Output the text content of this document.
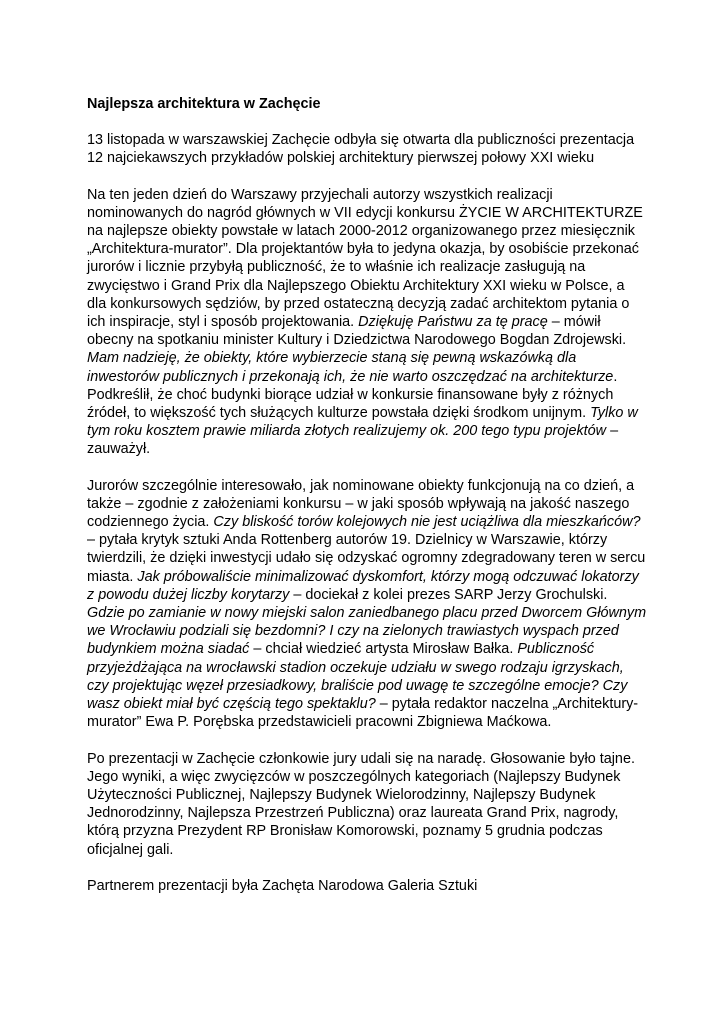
Najlepsza architektura w Zachęcie

13 listopada w warszawskiej Zachęcie odbyła się otwarta dla publiczności prezentacja 12 najciekawszych przykładów polskiej architektury pierwszej połowy XXI wieku

Na ten jeden dzień do Warszawy przyjechali autorzy wszystkich realizacji nominowanych do nagród głównych w VII edycji konkursu ŻYCIE W ARCHITEKTURZE na najlepsze obiekty powstałe w latach 2000-2012 organizowanego przez miesięcznik „Architektura-murator”. Dla projektantów była to jedyna okazja, by osobiście przekonać jurorów i licznie przybyłą publiczność, że to właśnie ich realizacje zasługują na zwycięstwo i Grand Prix dla Najlepszego Obiektu Architektury XXI wieku w Polsce, a dla konkursowych sędziów, by przed ostateczną decyzją zadać architektom pytania o ich inspiracje, styl i sposób projektowania. Dziękuję Państwu za tę pracę – mówił obecny na spotkaniu minister Kultury i Dziedzictwa Narodowego Bogdan Zdrojewski. Mam nadzieję, że obiekty, które wybierzecie staną się pewną wskazówką dla inwestorów publicznych i przekonają ich, że nie warto oszczędzać na architekturze. Podkreślił, że choć budynki biorące udział w konkursie finansowane były z różnych źródeł, to większość tych służących kulturze powstała dzięki środkom unijnym. Tylko w tym roku kosztem prawie miliarda złotych realizujemy ok. 200 tego typu projektów – zauważył.

Jurorów szczególnie interesowało, jak nominowane obiekty funkcjonują na co dzień, a także – zgodnie z założeniami konkursu – w jaki sposób wpływają na jakość naszego codziennego życia. Czy bliskość torów kolejowych nie jest uciążliwa dla mieszkańców? – pytała krytyk sztuki Anda Rottenberg autorów 19. Dzielnicy w Warszawie, którzy twierdzili, że dzięki inwestycji udało się odzyskać ogromny zdegradowany teren w sercu miasta. Jak próbowaliście minimalizować dyskomfort, którzy mogą odczuwać lokatorzy z powodu dużej liczby korytarzy – dociekał z kolei prezes SARP Jerzy Grochulski. Gdzie po zamianie w nowy miejski salon zaniedbanego placu przed Dworcem Głównym we Wrocławiu podziali się bezdomni? I czy na zielonych trawiastych wyspach przed budynkiem można siadać – chciał wiedzieć artysta Mirosław Bałka. Publiczność przyjeżdżająca na wrocławski stadion oczekuje udziału w swego rodzaju igrzyskach, czy projektując węzeł przesiadkowy, braliście pod uwagę te szczególne emocje? Czy wasz obiekt miał być częścią tego spektaklu? – pytała redaktor naczelna „Architektury-murator” Ewa P. Porębska przedstawicieli pracowni Zbigniewa Maćkowa.

Po prezentacji w Zachęcie członkowie jury udali się na naradę. Głosowanie było tajne. Jego wyniki, a więc zwycięzców w poszczególnych kategoriach (Najlepszy Budynek Użyteczności Publicznej, Najlepszy Budynek Wielorodzinny, Najlepszy Budynek Jednorodzinny, Najlepsza Przestrzeń Publiczna) oraz laureata Grand Prix, nagrody, którą przyzna Prezydent RP Bronisław Komorowski, poznamy 5 grudnia podczas oficjalnej gali.

Partnerem prezentacji była Zachęta Narodowa Galeria Sztuki
